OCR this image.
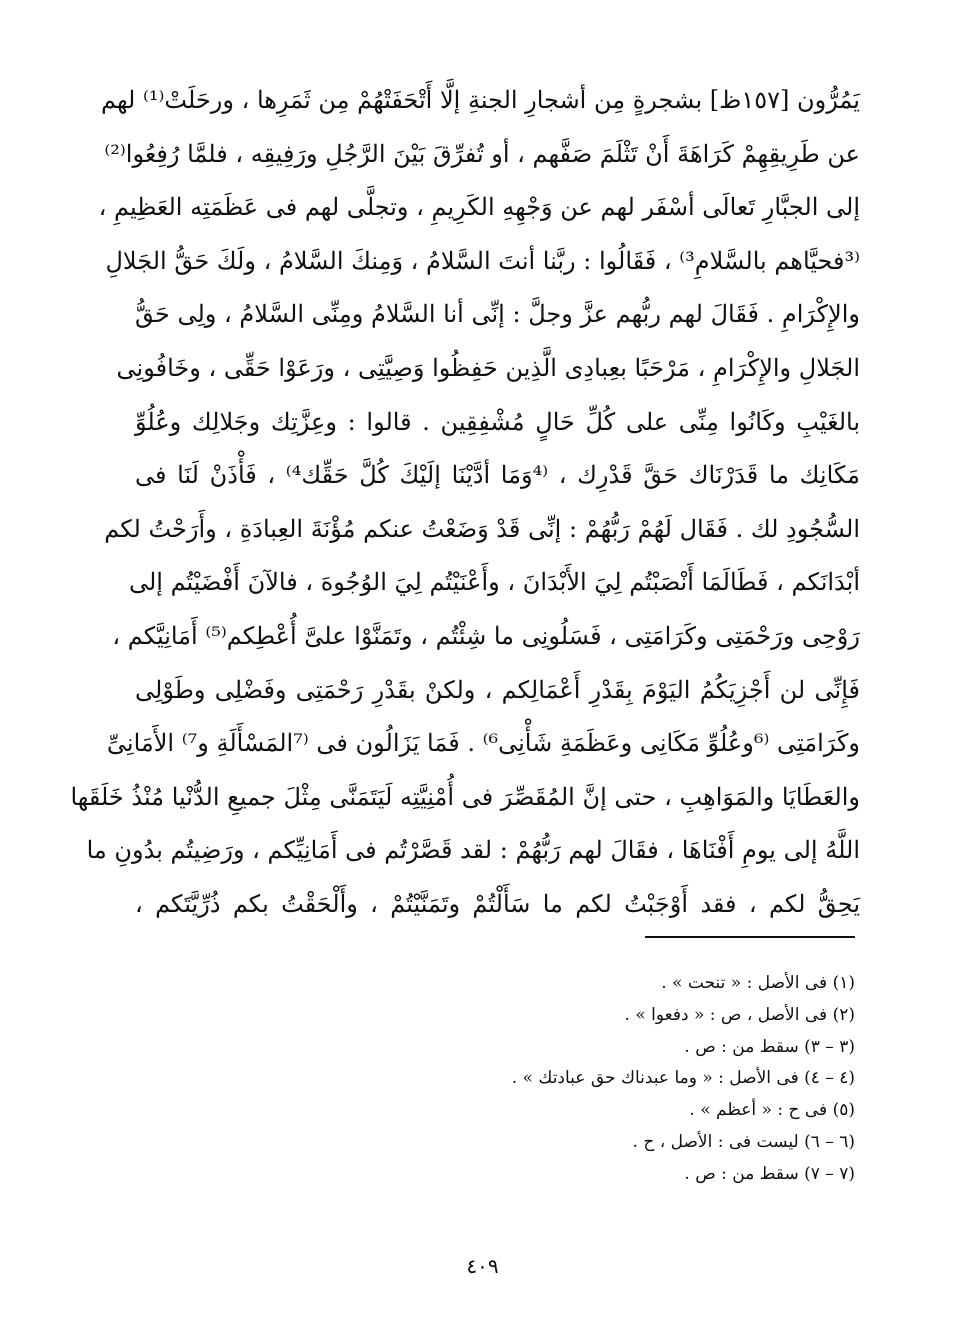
يَمُرُّون [١٥٧ظ] بشجرةٍ مِن أشجارِ الجنةِ إلَّا أَتْحَفَتْهُمْ مِن ثَمَرِها ، ورحَلَتْ⁽¹⁾ لهم
عن طَرِيقِهِمْ كَرَاهَةَ أَنْ تَثْلَمَ صَفَّهم ، أو تُفرِّقَ بَيْنَ الرَّجُلِ ورَفِيقِه ، فلمَّا رُفِعُوا⁽²⁾
إلى الجبَّارِ تَعالَى أسْفَر لهم عن وَجْهِهِ الكَرِيمِ ، وتجلَّى لهم فى عَظَمَتِه العَظِيمِ ،
⁽³فحيَّاهم بالسَّلامِ³⁾ ، فَقَالُوا : ربَّنا أنتَ السَّلامُ ، وَمِنكَ السَّلامُ ، ولَكَ حَقُّ الجَلالِ
والإِكْرَامِ . فَقَالَ لهم ربُّهم عزَّ وجلَّ : إنِّى أنا السَّلامُ ومِنِّى السَّلامُ ، ولِى حَقُّ
الجَلالِ والإِكْرَامِ ، مَرْحَبًا بعِبادِى الَّذِين حَفِظُوا وَصِيَّتِى ، ورَعَوْا حَقِّى ، وخَافُونِى
بالغَيْبِ وكَانُوا مِنِّى على كُلِّ حَالٍ مُشْفِقِين . قالوا : وعِزَّتِك وجَلالِك وعُلُوِّ
مَكَانِك ما قَدَرْنَاك حَقَّ قَدْرِك ، ⁽⁴وَمَا أدَّيْنَا إلَيْكَ كُلَّ حَقِّك⁴⁾ ، فَأْذَنْ لَنَا فى
السُّجُودِ لك . فَقَال لَهُمْ رَبُّهُمْ : إنِّى قَدْ وَضَعْتُ عنكم مُؤْنَةَ العِبادَةِ ، وأَرَحْتُ لكم
أبْدَانَكم ، فَطَالَمَا أَنْصَبْتُم لِيَ الأَبْدَانَ ، وأَعْنَيْتُم لِيَ الوُجُوهَ ، فالآنَ أَفْضَيْتُم إلى
رَوْحِى ورَحْمَتِى وكَرَامَتِى ، فَسَلُونِى ما شِئْتُم ، وتَمَنَّوْا علىَّ أُعْطِكم⁽⁵⁾ أَمَانِيَّكم ،
فَإِنِّى لن أَجْزِيَكُمُ اليَوْمَ بِقَدْرِ أَعْمَالِكم ، ولكنْ بقَدْرِ رَحْمَتِى وفَضْلِى وطَوْلِى
وكَرَامَتِى ⁽⁶وعُلُوِّ مَكَانِى وعَظَمَةِ شَأْنِى⁶⁾ . فَمَا يَزَالُون فى ⁽⁷المَسْأَلَةِ و⁷⁾ الأَمَانِىِّ
والعَطَايَا والمَوَاهِبِ ، حتى إنَّ المُقَصِّرَ فى أُمْنِيَّتِه لَيَتَمَنَّى مِثْلَ جميعِ الدُّنْيا مُنْذُ خَلَقَها
اللَّهُ إلى يومِ أَفْنَاهَا ، فقَالَ لهم رَبُّهُمْ : لقد قَصَّرْتُم فى أَمَانِيِّكم ، ورَضِيتُم بدُونِ ما
يَحِقُّ لكم ، فقد أَوْجَبْتُ لكم ما سَأَلْتُمْ وتَمَنَّيْتُمْ ، وأَلْحَقْتُ بكم ذُرِّيَّتَكم ،
(١) فى الأصل : « تنحت » .
(٢) فى الأصل ، ص : « دفعوا » .
(٣ – ٣) سقط من : ص .
(٤ – ٤) فى الأصل : « وما عبدناك حق عبادتك » .
(٥) فى ح : « أعظم » .
(٦ – ٦) ليست فى : الأصل ، ح .
(٧ – ٧) سقط من : ص .
٤٠٩
